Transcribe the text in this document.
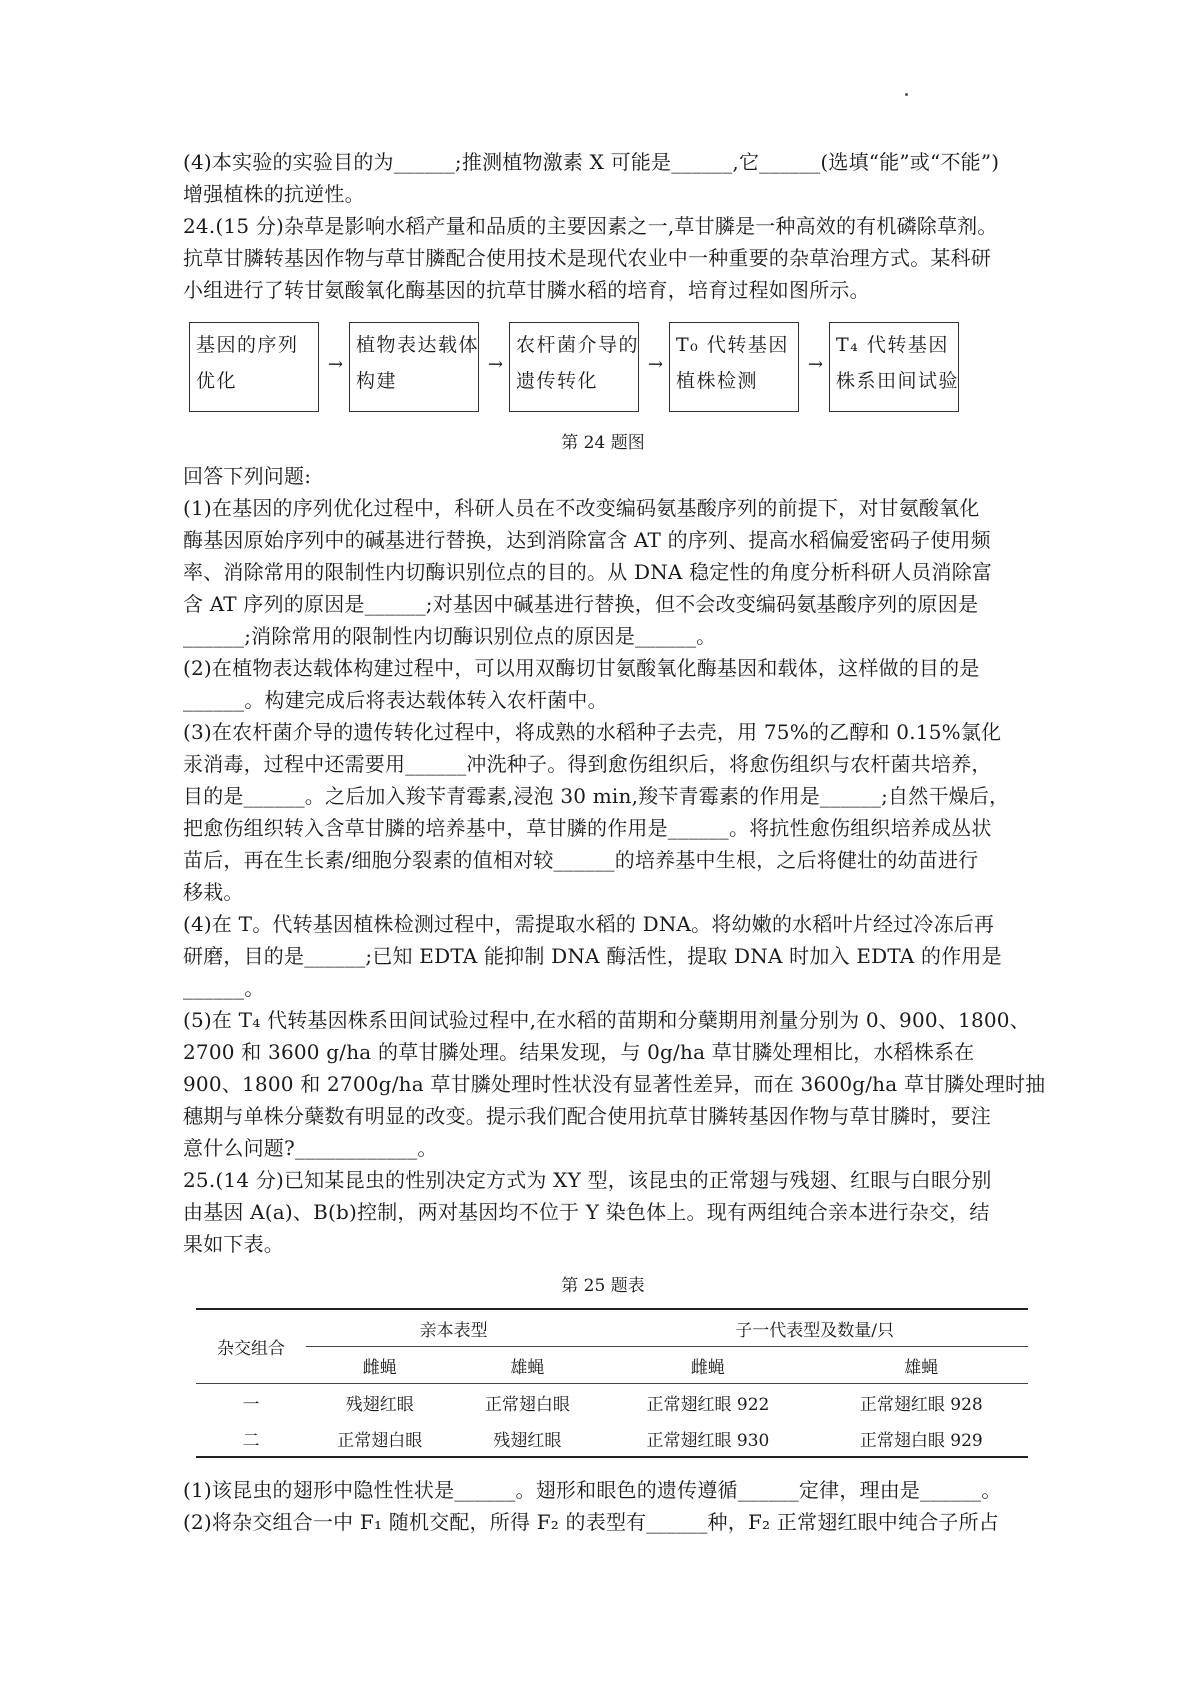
(4)本实验的实验目的为______;推测植物激素 X 可能是______,它______(选填“能”或“不能”)

增强植株的抗逆性。

24.(15 分)杂草是影响水稻产量和品质的主要因素之一,草甘膦是一种高效的有机磷除草剂。

抗草甘膦转基因作物与草甘膦配合使用技术是现代农业中一种重要的杂草治理方式。某科研

小组进行了转甘氨酸氧化酶基因的抗草甘膦水稻的培育，培育过程如图所示。

基因的序列
优化
→
植物表达载体
构建
→
农杆菌介导的
遗传转化
→
T₀ 代转基因
植株检测
→
T₄ 代转基因
株系田间试验

第 24 题图

回答下列问题:

(1)在基因的序列优化过程中，科研人员在不改变编码氨基酸序列的前提下，对甘氨酸氧化

酶基因原始序列中的碱基进行替换，达到消除富含 AT 的序列、提高水稻偏爱密码子使用频

率、消除常用的限制性内切酶识别位点的目的。从 DNA 稳定性的角度分析科研人员消除富

含 AT 序列的原因是______;对基因中碱基进行替换，但不会改变编码氨基酸序列的原因是

______;消除常用的限制性内切酶识别位点的原因是______。

(2)在植物表达载体构建过程中，可以用双酶切甘氨酸氧化酶基因和载体，这样做的目的是

______。构建完成后将表达载体转入农杆菌中。

(3)在农杆菌介导的遗传转化过程中，将成熟的水稻种子去壳，用 75%的乙醇和 0.15%氯化

汞消毒，过程中还需要用______冲洗种子。得到愈伤组织后，将愈伤组织与农杆菌共培养，

目的是______。之后加入羧苄青霉素,浸泡 30 min,羧苄青霉素的作用是______;自然干燥后，

把愈伤组织转入含草甘膦的培养基中，草甘膦的作用是______。将抗性愈伤组织培养成丛状

苗后，再在生长素/细胞分裂素的值相对较______的培养基中生根，之后将健壮的幼苗进行

移栽。

(4)在 T。代转基因植株检测过程中，需提取水稻的 DNA。将幼嫩的水稻叶片经过冷冻后再

研磨，目的是______;已知 EDTA 能抑制 DNA 酶活性，提取 DNA 时加入 EDTA 的作用是

______。

(5)在 T₄ 代转基因株系田间试验过程中,在水稻的苗期和分蘖期用剂量分别为 0、900、1800、

2700 和 3600 g/ha 的草甘膦处理。结果发现，与 0g/ha 草甘膦处理相比，水稻株系在

900、1800 和 2700g/ha 草甘膦处理时性状没有显著性差异，而在 3600g/ha 草甘膦处理时抽

穗期与单株分蘖数有明显的改变。提示我们配合使用抗草甘膦转基因作物与草甘膦时，要注

意什么问题?____________。

25.(14 分)已知某昆虫的性别决定方式为 XY 型，该昆虫的正常翅与残翅、红眼与白眼分别

由基因 A(a)、B(b)控制，两对基因均不位于 Y 染色体上。现有两组纯合亲本进行杂交，结

果如下表。

第 25 题表

杂交组合	亲本表型		子一代表型及数量/只	
	雌蝇	雄蝇	雌蝇	雄蝇
一	残翅红眼	正常翅白眼	正常翅红眼 922	正常翅红眼 928
二	正常翅白眼	残翅红眼	正常翅红眼 930	正常翅白眼 929

(1)该昆虫的翅形中隐性性状是______。翅形和眼色的遗传遵循______定律，理由是______。

(2)将杂交组合一中 F₁ 随机交配，所得 F₂ 的表型有______种，F₂ 正常翅红眼中纯合子所占
